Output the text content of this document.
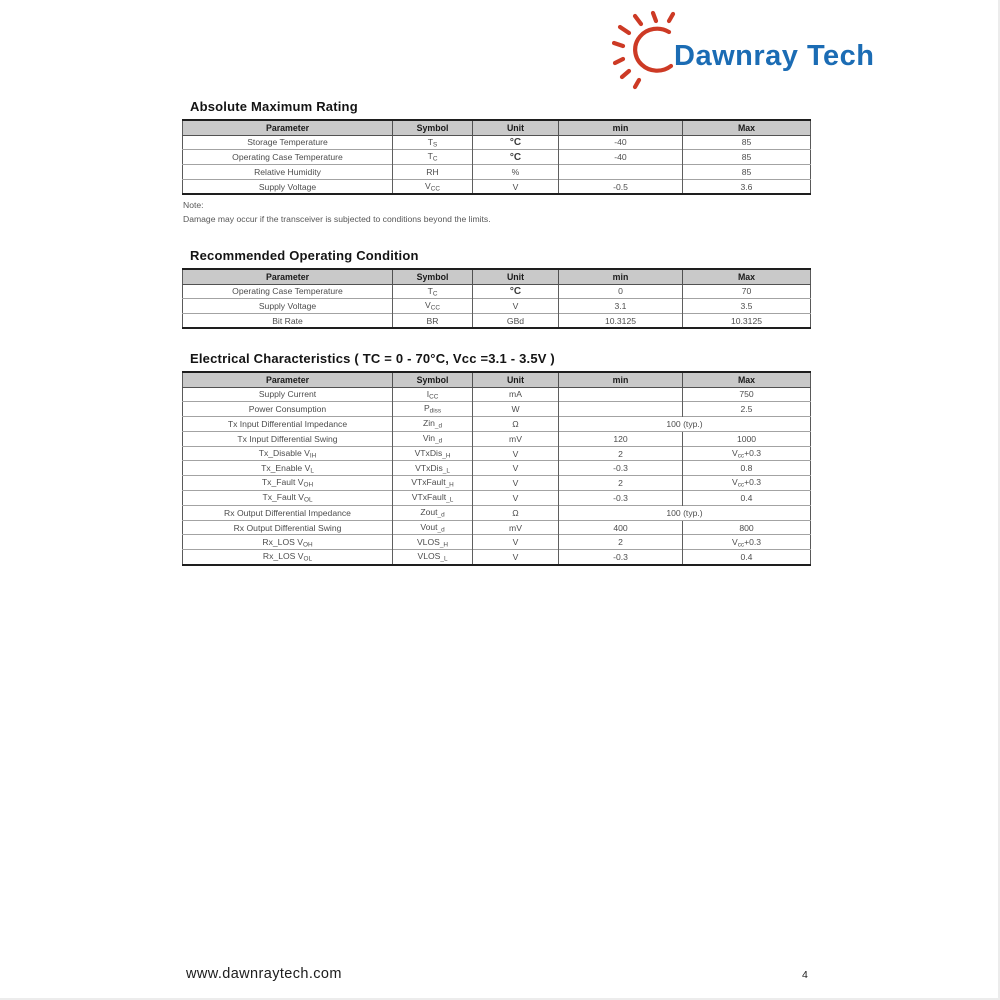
Dawnray Tech
Absolute Maximum Rating
Parameter	Symbol	Unit	min	Max
Storage Temperature	$T_S$	°C	-40	85
Operating Case Temperature	$T_C$	°C	-40	85
Relative Humidity	RH	%		85
Supply Voltage	$V_{CC}$	V	-0.5	3.6
Note:
Damage may occur if the transceiver is subjected to conditions beyond the limits.
Recommended Operating Condition
Parameter	Symbol	Unit	min	Max
Operating Case Temperature	$T_C$	°C	0	70
Supply Voltage	$V_{CC}$	V	3.1	3.5
Bit Rate	BR	GBd	10.3125	10.3125
Electrical Characteristics ( TC = 0 - 70°C, Vcc =3.1 - 3.5V )
Parameter	Symbol	Unit	min	Max
Supply Current	$I_{CC}$	mA		750
Power Consumption	$P_{diss}$	W		2.5
Tx Input Differential Impedance	Zin$_{\_d}$	Ω	100 (typ.)	
Tx Input Differential Swing	Vin$_{\_d}$	mV	120	1000
Tx_Disable $V_{IH}$	VTxDis$_{\_H}$	V	2	$V_{cc}+0.3$
Tx_Enable $V_L$	VTxDis$_{\_L}$	V	-0.3	0.8
Tx_Fault $V_{OH}$	VTxFault$_{\_H}$	V	2	$V_{cc}+0.3$
Tx_Fault $V_{OL}$	VTxFault$_{\_L}$	V	-0.3	0.4
Rx Output Differential Impedance	Zout$_{\_d}$	Ω	100 (typ.)	
Rx Output Differential Swing	Vout$_{\_d}$	mV	400	800
Rx_LOS $V_{OH}$	$VLOS_{\_H}$	V	2	$V_{cc}+0.3$
Rx_LOS $V_{OL}$	$VLOS_{\_L}$	V	-0.3	0.4
www.dawnraytech.com	4
